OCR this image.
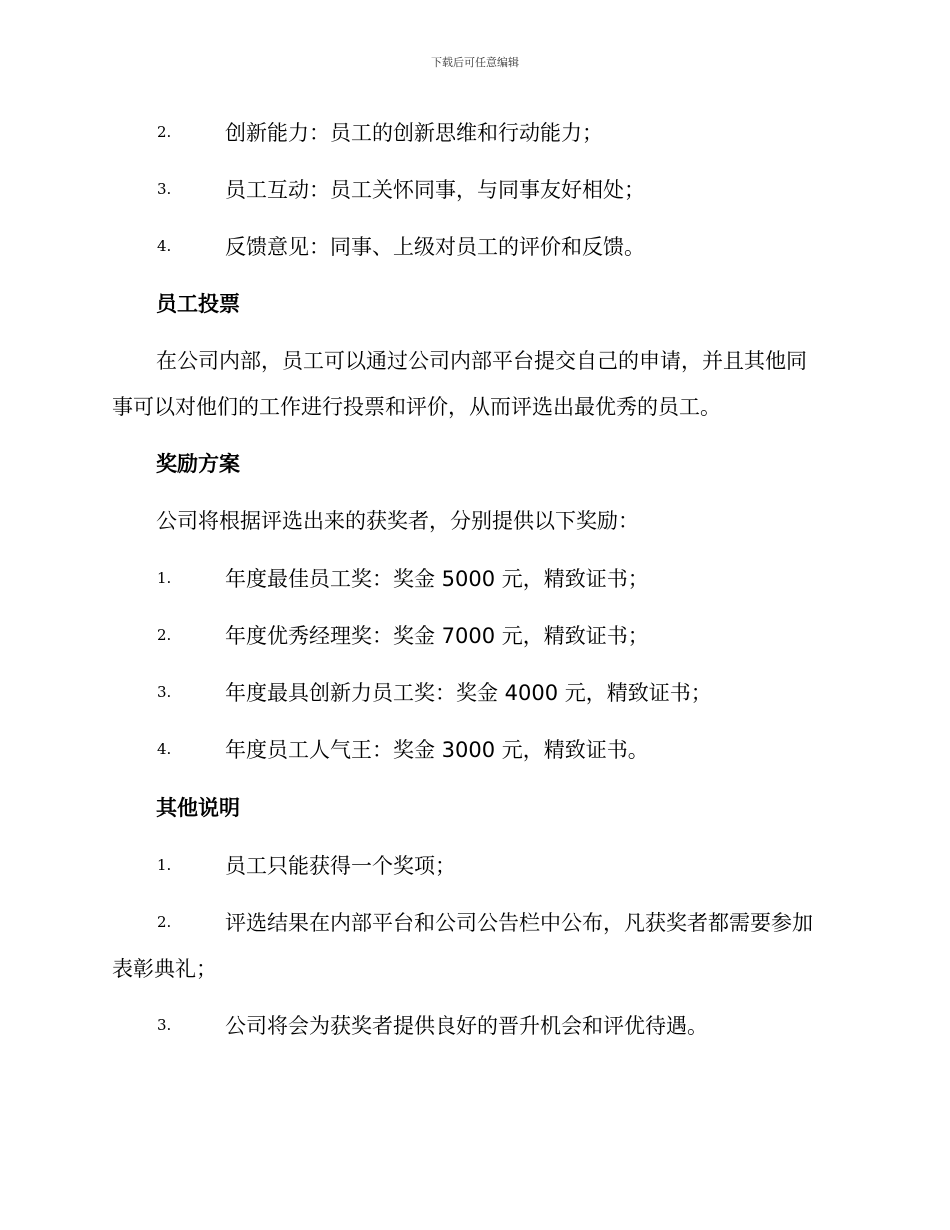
下载后可任意编辑
2.	创新能力：员工的创新思维和行动能力；
3.	员工互动：员工关怀同事，与同事友好相处；
4.	反馈意见：同事、上级对员工的评价和反馈。
员工投票
在公司内部，员工可以通过公司内部平台提交自己的申请，并且其他同
事可以对他们的工作进行投票和评价，从而评选出最优秀的员工。
奖励方案
公司将根据评选出来的获奖者，分别提供以下奖励：
1.	年度最佳员工奖：奖金 5000 元，精致证书；
2.	年度优秀经理奖：奖金 7000 元，精致证书；
3.	年度最具创新力员工奖：奖金 4000 元，精致证书；
4.	年度员工人气王：奖金 3000 元，精致证书。
其他说明
1.	员工只能获得一个奖项；
2.	评选结果在内部平台和公司公告栏中公布，凡获奖者都需要参加
表彰典礼；
3.	公司将会为获奖者提供良好的晋升机会和评优待遇。
